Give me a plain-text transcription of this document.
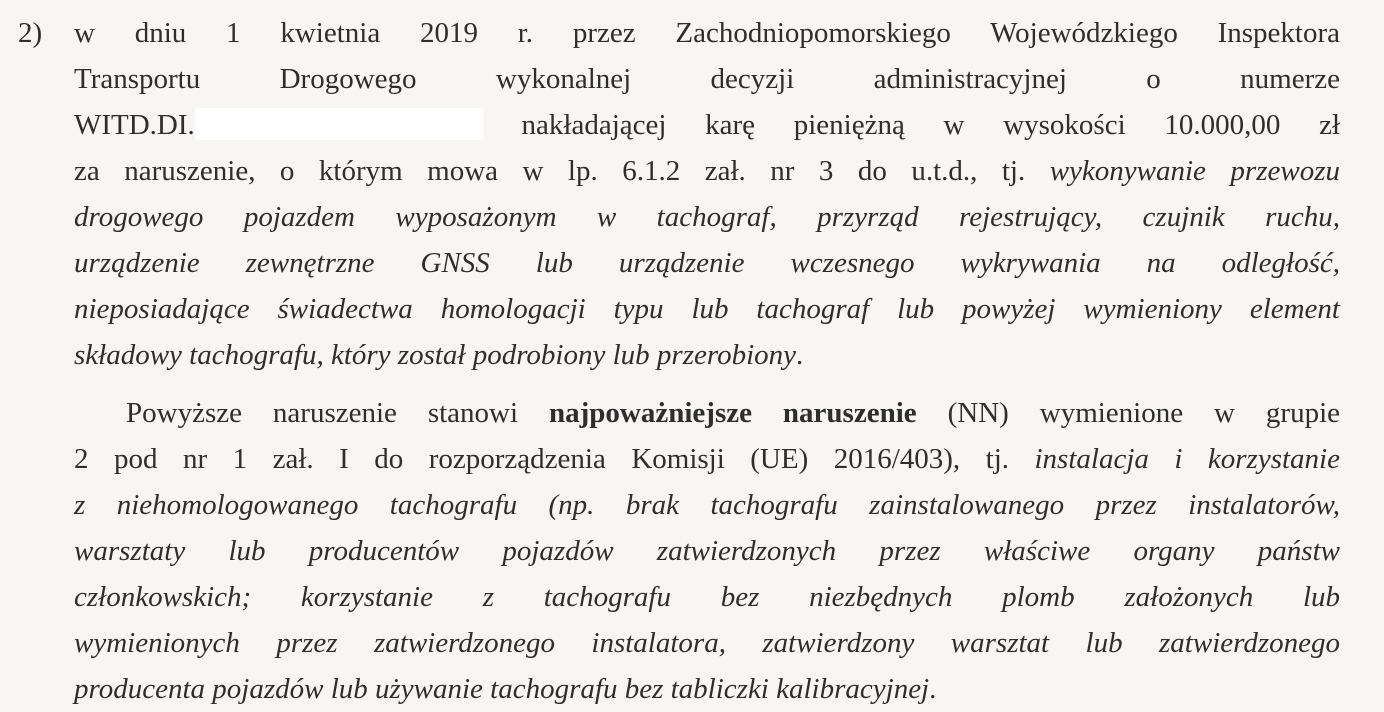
2) w dniu 1 kwietnia 2019 r. przez Zachodniopomorskiego Wojewódzkiego Inspektora
Transportu Drogowego wykonalnej decyzji administracyjnej o numerze
WITD.DI.	nakładającej karę pieniężną w wysokości 10.000,00 zł
za naruszenie, o którym mowa w lp. 6.1.2 zał. nr 3 do u.t.d., tj. wykonywanie przewozu
drogowego pojazdem wyposażonym w tachograf, przyrząd rejestrujący, czujnik ruchu,
urządzenie zewnętrzne GNSS lub urządzenie wczesnego wykrywania na odległość,
nieposiadające świadectwa homologacji typu lub tachograf lub powyżej wymieniony element
składowy tachografu, który został podrobiony lub przerobiony.
Powyższe naruszenie stanowi najpoważniejsze naruszenie (NN) wymienione w grupie
2 pod nr 1 zał. I do rozporządzenia Komisji (UE) 2016/403), tj. instalacja i korzystanie
z niehomologowanego tachografu (np. brak tachografu zainstalowanego przez instalatorów,
warsztaty lub producentów pojazdów zatwierdzonych przez właściwe organy państw
członkowskich; korzystanie z tachografu bez niezbędnych plomb założonych lub
wymienionych przez zatwierdzonego instalatora, zatwierdzony warsztat lub zatwierdzonego
producenta pojazdów lub używanie tachografu bez tabliczki kalibracyjnej.
